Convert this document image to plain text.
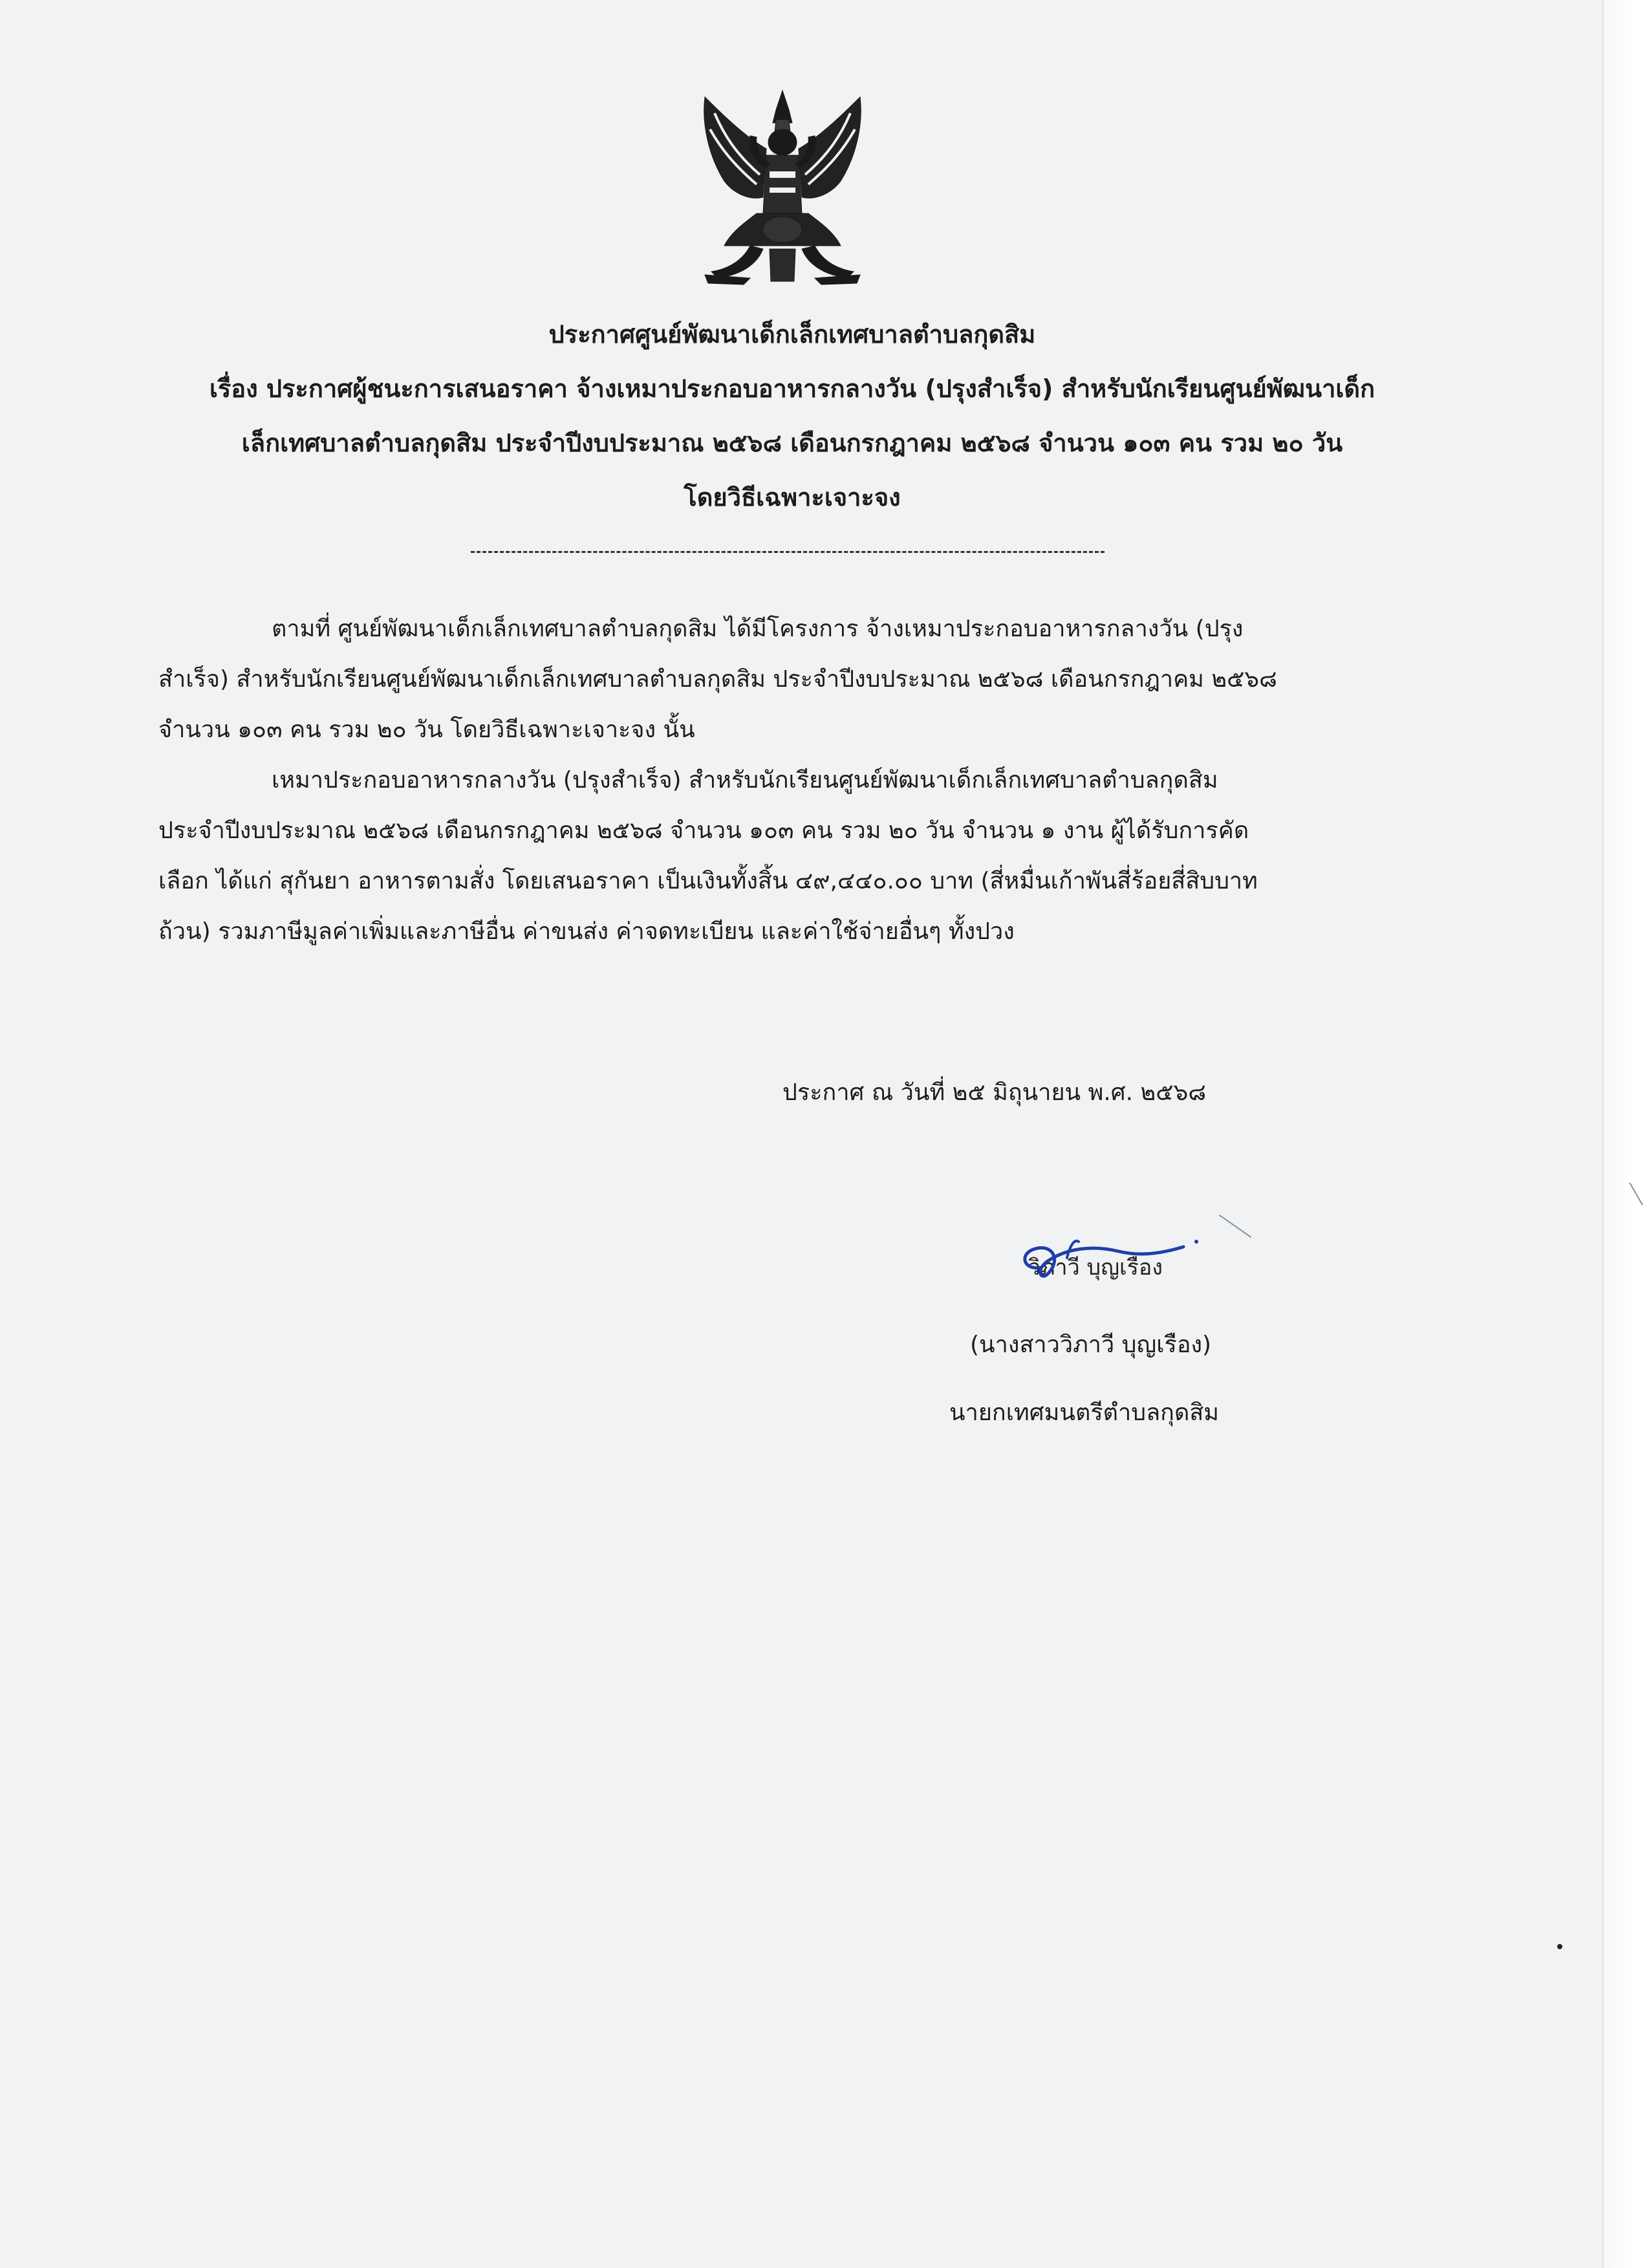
ประกาศศูนย์พัฒนาเด็กเล็กเทศบาลตำบลกุดสิม
เรื่อง ประกาศผู้ชนะการเสนอราคา จ้างเหมาประกอบอาหารกลางวัน (ปรุงสำเร็จ) สำหรับนักเรียนศูนย์พัฒนาเด็ก
เล็กเทศบาลตำบลกุดสิม ประจำปีงบประมาณ ๒๕๖๘ เดือนกรกฎาคม ๒๕๖๘ จำนวน ๑๐๓ คน รวม ๒๐ วัน
โดยวิธีเฉพาะเจาะจง
ตามที่ ศูนย์พัฒนาเด็กเล็กเทศบาลตำบลกุดสิม ได้มีโครงการ จ้างเหมาประกอบอาหารกลางวัน (ปรุง
สำเร็จ) สำหรับนักเรียนศูนย์พัฒนาเด็กเล็กเทศบาลตำบลกุดสิม ประจำปีงบประมาณ ๒๕๖๘ เดือนกรกฎาคม ๒๕๖๘
จำนวน ๑๐๓ คน รวม ๒๐ วัน โดยวิธีเฉพาะเจาะจง นั้น
เหมาประกอบอาหารกลางวัน (ปรุงสำเร็จ) สำหรับนักเรียนศูนย์พัฒนาเด็กเล็กเทศบาลตำบลกุดสิม
ประจำปีงบประมาณ ๒๕๖๘ เดือนกรกฎาคม ๒๕๖๘ จำนวน ๑๐๓ คน รวม ๒๐ วัน จำนวน ๑ งาน ผู้ได้รับการคัด
เลือก ได้แก่ สุกันยา อาหารตามสั่ง โดยเสนอราคา เป็นเงินทั้งสิ้น ๔๙,๔๔๐.๐๐ บาท (สี่หมื่นเก้าพันสี่ร้อยสี่สิบบาท
ถ้วน) รวมภาษีมูลค่าเพิ่มและภาษีอื่น ค่าขนส่ง ค่าจดทะเบียน และค่าใช้จ่ายอื่นๆ ทั้งปวง
ประกาศ ณ วันที่ ๒๕ มิถุนายน พ.ศ. ๒๕๖๘
วิภาวี บุญเรือง
(นางสาววิภาวี บุญเรือง)
นายกเทศมนตรีตำบลกุดสิม
